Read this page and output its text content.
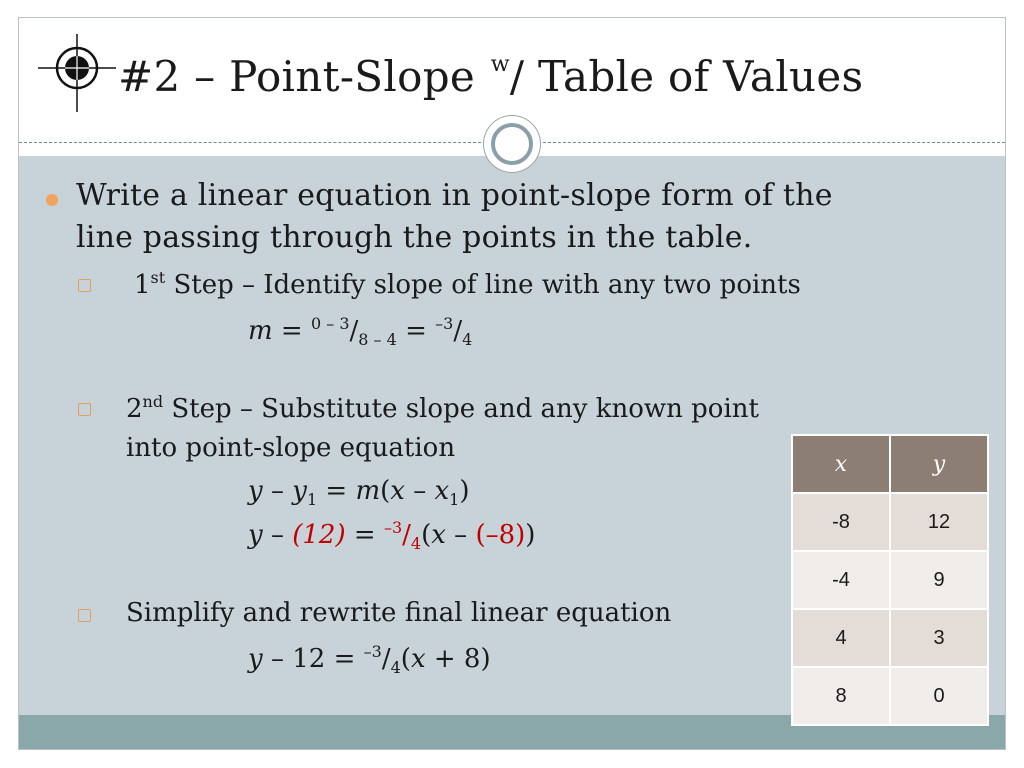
#2 – Point-Slope $^w$/ Table of Values
Write a linear equation in point-slope form of the
line passing through the points in the table.
1st Step – Identify slope of line with any two points
$m = ^{0 - 3}/_{8 - 4} = ^{-3}/_4$
2nd Step – Substitute slope and any known point
into point-slope equation
$y - y_1 = m(x - x_1)$
$y - (12) = ^{-3}/_4(x - (-8))$
Simplify and rewrite final linear equation
$y - 12 = ^{-3}/_4(x + 8)$
x	y
-8	12
-4	9
4	3
8	0
